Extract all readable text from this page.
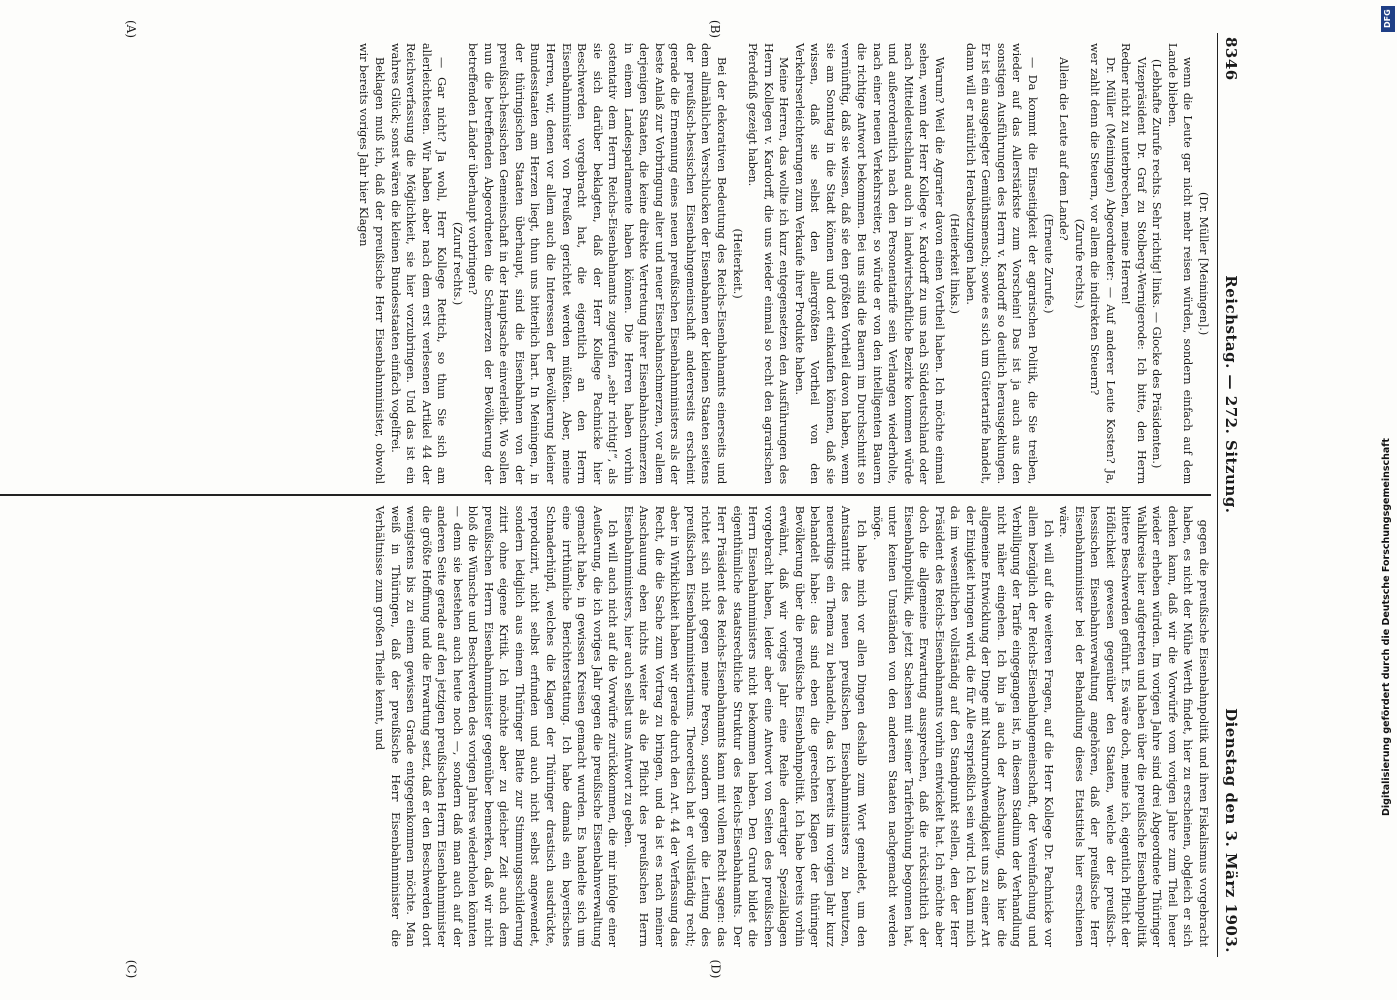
8346
Reichstag. — 272. Sitzung.
Dienstag den 3. März 1903.

(Dr. Müller [Meiningen].)

wenn die Leute gar nicht mehr reisen würden, sondern einfach auf dem Lande blieben.

(Lebhafte Zurufe rechts. Sehr richtig! links. — Glocke des Präsidenten.)

Vizepräsident Dr. Graf zu Stolberg-Wernigerode: Ich bitte, den Herrn Redner nicht zu unterbrechen, meine Herren!

Dr. Müller (Meiningen) Abgeordneter: — Auf anderer Leute Kosten? Ja, wer zahlt denn die Steuern, vor allem die indirekten Steuern?

(Zurufe rechts.)

Allein die Leute auf dem Lande?

(Erneute Zurufe.)

— Da kommt die Einseitigkeit der agrarischen Politik, die Sie treiben, wieder auf das Allerstärkste zum Vorschein! Das ist ja auch aus den sonstigen Ausführungen des Herrn v. Kardorff so deutlich herausgeklungen. Er ist ein ausgelegter Gemüthsmensch; sowie es sich um Gütertarife handelt, dann will er natürlich Herabsetzungen haben.

(Heiterkeit links.)

Warum? Weil die Agrarier davon einen Vortheil haben. Ich möchte einmal sehen, wenn der Herr Kollege v. Kardorff zu uns nach Süddeutschland oder nach Mitteldeutschland auch in landwirtschaftliche Bezirke kommen würde und außerordentlich nach den Personentarife sein Verlangen wiederholte, nach einer neuen Verkehrsreiter, so würde er von den intelligenten Bauern die richtige Antwort bekommen. Bei uns sind die Bauern im Durchschnitt so vernünftig, daß sie wissen, daß sie den größten Vortheil davon haben, wenn sie am Sonntag in die Stadt können und dort einkaufen können, daß sie wissen, daß sie selbst den allergrößten Vortheil von den Verkehrserleichterungen zum Verkaufe ihrer Produkte haben.

Meine Herren, das wollte ich kurz entgegensetzen den Ausführungen des Herrn Kollegen v. Kardorff, die uns wieder einmal so recht den agrarischen Pferdefuß gezeigt haben.

(Heiterkeit.)

Bei der dekorativen Bedeutung des Reichs-Eisenbahnamts einerseits und dem allmählichen Verschlucken der Eisenbahnen der kleinen Staaten seitens der preußisch-hessischen Eisenbahngemeinschaft andererseits erscheint gerade die Ernennung eines neuen preußischen Eisenbahnministers als der beste Anlaß zur Vorbringung alter und neuer Eisenbahnschmerzen, vor allem derjenigen Staaten, die keine direkte Vertretung ihrer Eisenbahnschmerzen in einem Landesparlamente haben können. Die Herren haben vorhin ostentativ dem Herrn Reichs-Eisenbahnamts zugerufen „sehr richtig!“, als sie sich darüber beklagten, daß der Herr Kollege Pachnicke hier Beschwerden vorgebracht hat, die eigentlich an den Herrn Eisenbahnminister von Preußen gerichtet werden müßten. Aber, meine Herren, wir, denen vor allem auch die Interessen der Bevölkerung kleiner Bundesstaaten am Herzen liegt, thun uns bitterlich hart. In Meiningen, in der thüringischen Staaten überhaupt, sind die Eisenbahnen von der preußisch-hessischen Gemeinschaft in der Hauptsache einverleibt. Wo sollen nun die betreffenden Abgeordneten die Schmerzen der Bevölkerung der betreffenden Länder überhaupt vorbringen?

(Zuruf rechts.)

— Gar nicht? Ja wohl, Herr Kollege Rettich, so thun Sie sich am allerleichtesten. Wir haben aber nach dem erst verlesenen Artikel 44 der Reichsverfassung die Möglichkeit, sie hier vorzubringen. Und das ist ein wahres Glück; sonst wären die kleinen Bundesstaaten einfach vogelfrei.

Beklagen muß ich, daß der preußische Herr Eisenbahnminister, obwohl wir bereits voriges Jahr hier Klagen

gegen die preußische Eisenbahnpolitik und ihren Fiskalismus vorgebracht haben, es nicht der Mühe Werth findet, hier zu erscheinen, obgleich er sich denken kann, daß wir die Vorwürfe vom vorigen Jahre zum Theil heuer wieder erheben würden. Im vorigen Jahre sind drei Abgeordnete Thüringer Wahlkreise hier aufgetreten und haben über die preußische Eisenbahnpolitik bittere Beschwerden geführt. Es wäre doch, meine ich, eigentlich Pflicht der Höflichkeit gewesen gegenüber den Staaten, welche der preußisch-hessischen Eisenbahnverwaltung angehören, daß der preußische Herr Eisenbahnminister bei der Behandlung dieses Etatstitels hier erschienen wäre.

Ich will auf die weiteren Fragen, auf die Herr Kollege Dr. Pachnicke vor allem bezüglich der Reichs-Eisenbahngemeinschaft, der Vereinfachung und Verbilligung der Tarife eingegangen ist, in diesem Stadium der Verhandlung nicht näher eingehen. Ich bin ja auch der Anschauung, daß hier die allgemeine Entwicklung der Dinge mit Naturnothwendigkeit uns zu einer Art der Einigkeit bringen wird, die für Alle ersprießlich sein wird. Ich kann mich da im wesentlichen vollständig auf den Standpunkt stellen, den der Herr Präsident des Reichs-Eisenbahnamts vorhin entwickelt hat. Ich möchte aber doch die allgemeine Erwartung aussprechen, daß die rücksichtlich der Eisenbahnpolitik, die jetzt Sachsen mit seiner Tariferhöhung begonnen hat, unter keinen Umständen von den anderen Staaten nachgemacht werden möge.

Ich habe mich vor allen Dingen deshalb zum Wort gemeldet, um den Amtsantritt des neuen preußischen Eisenbahnministers zu benutzen, neuerdings ein Thema zu behandeln, das ich bereits im vorigen Jahr kurz behandelt habe: das sind eben die gerechten Klagen der thüringer Bevölkerung über die preußische Eisenbahnpolitik. Ich habe bereits vorhin erwähnt, daß wir voriges Jahr eine Reihe derartiger Spezialklagen vorgebracht haben, leider aber eine Antwort von Seiten des preußischen Herrn Eisenbahnministers nicht bekommen haben. Den Grund bildet die eigenthümliche staatsrechtliche Struktur des Reichs-Eisenbahnamts. Der Herr Präsident des Reichs-Eisenbahnamts kann mit vollem Recht sagen: das richtet sich nicht gegen meine Person, sondern gegen die Leitung des preußischen Eisenbahnministeriums. Theoretisch hat er vollständig recht; aber in Wirklichkeit haben wir gerade durch den Art. 44 der Verfassung das Recht, die die Sache zum Vortrag zu bringen, und da ist es nach meiner Anschauung eben nichts weiter als die Pflicht des preußischen Herrn Eisenbahnministers, hier auch selbst uns Antwort zu geben.

Ich will auch nicht auf die Vorwürfe zurückkommen, die mir infolge einer Aeußerung, die ich voriges Jahr gegen die preußische Eisenbahnverwaltung gemacht habe, in gewissen Kreisen gemacht wurden. Es handelte sich um eine irrthümliche Berichterstattung. Ich habe damals ein bayerisches Schnaderhüpfl, welches die Klagen der Thüringer drastisch ausdrückte, reproduzirt, nicht selbst erfunden und auch nicht selbst angewendet, sondern lediglich aus einem Thüringer Blatte zur Stimmungsschilderung zitirt ohne eigene Kritik. Ich möchte aber zu gleicher Zeit auch dem preußischen Herrn Eisenbahnminister gegenüber bemerken, daß wir nicht bloß die Wünsche und Beschwerden des vorigen Jahres wiederholen könnten — denn sie bestehen auch heute noch —, sondern daß man auch auf der anderen Seite gerade auf den jetzigen preußischen Herrn Eisenbahnminister die größte Hoffnung und die Erwartung setzt, daß er den Beschwerden dort wenigstens bis zu einem gewissen Grade entgegenkommen möchte. Man weiß in Thüringen, daß der preußische Herr Eisenbahnminister die Verhältnisse zum großen Theile kennt, und

(A)	(B)
(C)	(D)
DFG
Digitalisierung gefördert durch die Deutsche Forschungsgemeinschaft
